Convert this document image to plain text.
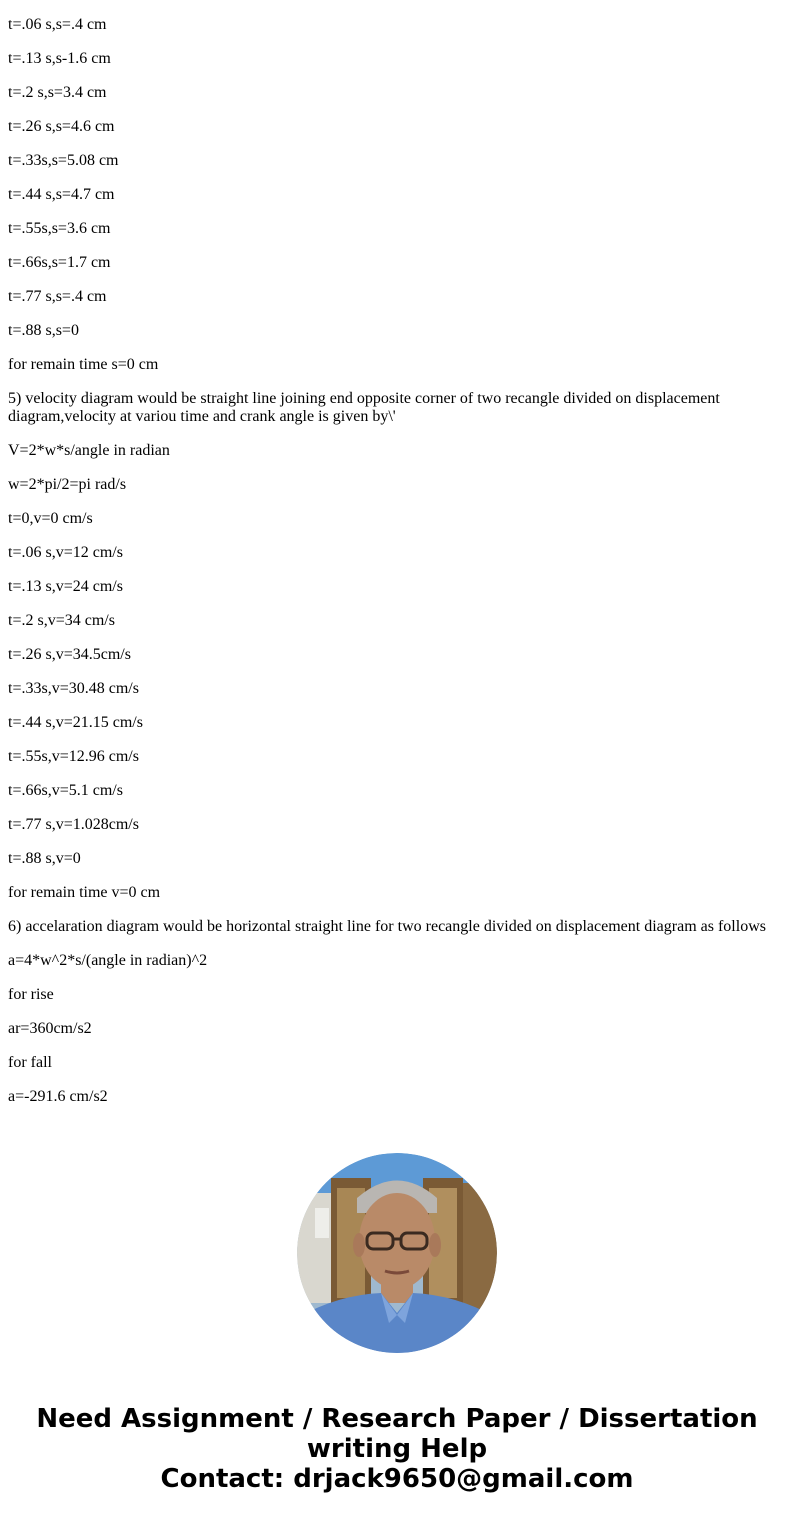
t=.06 s,s=.4 cm

t=.13 s,s-1.6 cm

t=.2 s,s=3.4 cm

t=.26 s,s=4.6 cm

t=.33s,s=5.08 cm

t=.44 s,s=4.7 cm

t=.55s,s=3.6 cm

t=.66s,s=1.7 cm

t=.77 s,s=.4 cm

t=.88 s,s=0

for remain time s=0 cm

5) velocity diagram would be straight line joining end opposite corner of two recangle divided on displacement diagram,velocity at variou time and crank angle is given by\'

V=2*w*s/angle in radian

w=2*pi/2=pi rad/s

t=0,v=0 cm/s

t=.06 s,v=12 cm/s

t=.13 s,v=24 cm/s

t=.2 s,v=34 cm/s

t=.26 s,v=34.5cm/s

t=.33s,v=30.48 cm/s

t=.44 s,v=21.15 cm/s

t=.55s,v=12.96 cm/s

t=.66s,v=5.1 cm/s

t=.77 s,v=1.028cm/s

t=.88 s,v=0

for remain time v=0 cm

6) accelaration diagram would be horizontal straight line for two recangle divided on displacement diagram as follows

a=4*w^2*s/(angle in radian)^2

for rise

ar=360cm/s2

for fall

a=-291.6 cm/s2

Need Assignment / Research Paper / Dissertation
writing Help
Contact: drjack9650@gmail.com
